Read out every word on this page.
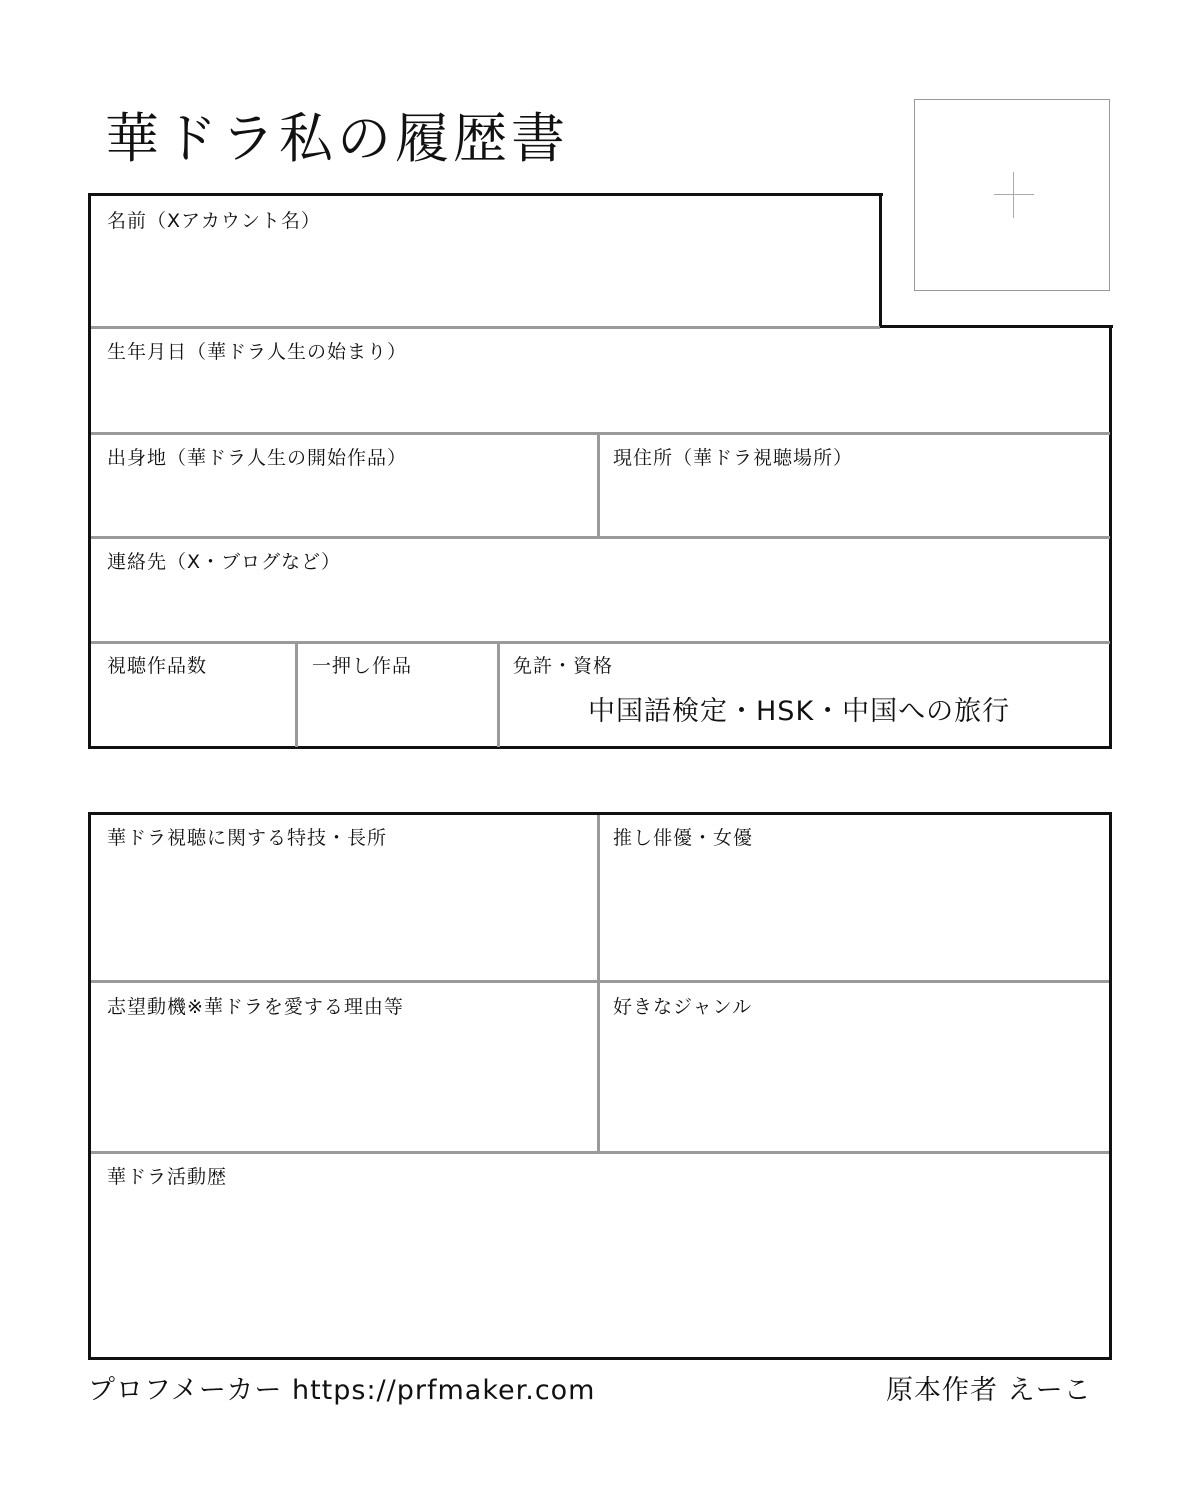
華ドラ私の履歴書
名前（Xアカウント名）
生年月日（華ドラ人生の始まり）
出身地（華ドラ人生の開始作品）	現住所（華ドラ視聴場所）
連絡先（X・ブログなど）
視聴作品数	一押し作品	免許・資格
中国語検定・HSK・中国への旅行
華ドラ視聴に関する特技・長所	推し俳優・女優
志望動機※華ドラを愛する理由等	好きなジャンル
華ドラ活動歴
プロフメーカー https://prfmaker.com	原本作者 えーこ
